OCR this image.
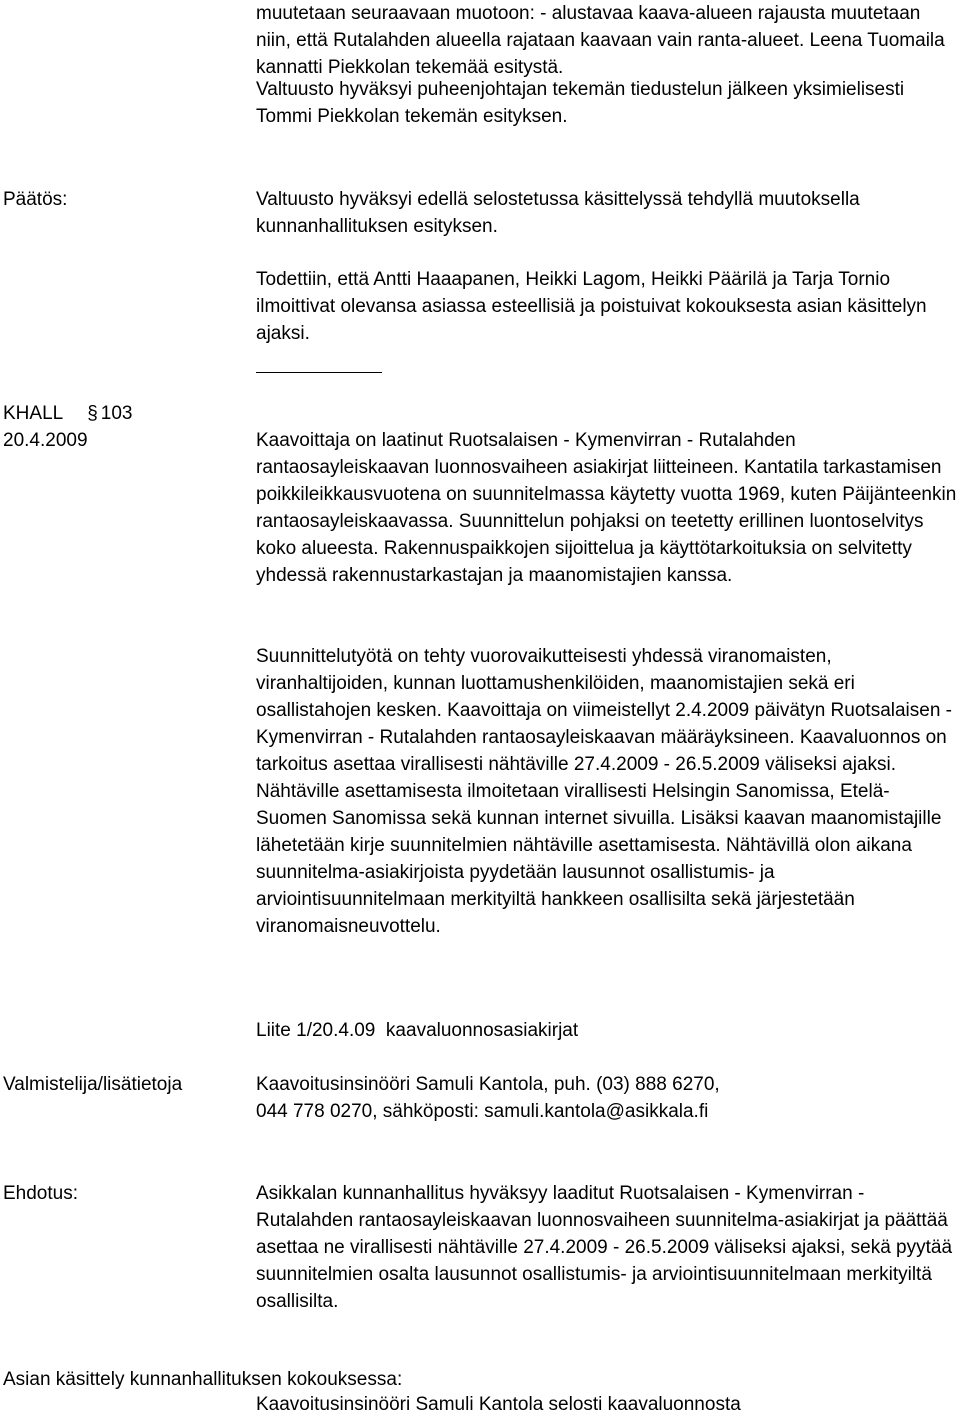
muutetaan seuraavaan muotoon: - alustavaa kaava-alueen rajausta muutetaan niin, että Rutalahden alueella rajataan kaavaan vain ranta-alueet. Leena Tuomaila kannatti Piekkolan tekemää esitystä.

Valtuusto hyväksyi puheenjohtajan tekemän tiedustelun jälkeen yksimielisesti Tommi Piekkolan tekemän esityksen.

Päätös:	Valtuusto hyväksyi edellä selostetussa käsittelyssä tehdyllä muutoksella kunnanhallituksen esityksen.

Todettiin, että Antti Haaapanen, Heikki Lagom, Heikki Päärilä ja Tarja Tornio ilmoittivat olevansa asiassa esteellisiä ja poistuivat kokouksesta asian käsittelyn ajaksi.

KHALL § 103
20.4.2009	Kaavoittaja on laatinut Ruotsalaisen - Kymenvirran - Rutalahden rantaosayleiskaavan luonnosvaiheen asiakirjat liitteineen. Kantatila tarkastamisen poikkileikkausvuotena on suunnitelmassa käytetty vuotta 1969, kuten Päijänteenkin rantaosayleiskaavassa. Suunnittelun pohjaksi on teetetty erillinen luontoselvitys koko alueesta. Rakennuspaikkojen sijoittelua ja käyttötarkoituksia on selvitetty yhdessä rakennustarkastajan ja maanomistajien kanssa.

Suunnittelutyötä on tehty vuorovaikutteisesti yhdessä viranomaisten, viranhaltijoiden, kunnan luottamushenkilöiden, maanomistajien sekä eri osallistahojen kesken. Kaavoittaja on viimeistellyt 2.4.2009 päivätyn Ruotsalaisen - Kymenvirran - Rutalahden rantaosayleiskaavan määräyksineen. Kaavaluonnos on tarkoitus asettaa virallisesti nähtäville 27.4.2009 - 26.5.2009 väliseksi ajaksi. Nähtäville asettamisesta ilmoitetaan virallisesti Helsingin Sanomissa, Etelä-Suomen Sanomissa sekä kunnan internet sivuilla. Lisäksi kaavan maanomistajille lähetetään kirje suunnitelmien nähtäville asettamisesta. Nähtävillä olon aikana suunnitelma-asiakirjoista pyydetään lausunnot osallistumis- ja arviointisuunnitelmaan merkityiltä hankkeen osallisilta sekä järjestetään viranomaisneuvottelu.

Liite 1/20.4.09  kaavaluonnosasiakirjat

Valmistelija/lisätietoja	Kaavoitusinsinööri Samuli Kantola, puh. (03) 888 6270,
044 778 0270, sähköposti: samuli.kantola@asikkala.fi
Ehdotus:	Asikkalan kunnanhallitus hyväksyy laaditut Ruotsalaisen - Kymenvirran - Rutalahden rantaosayleiskaavan luonnosvaiheen suunnitelma-asiakirjat ja päättää asettaa ne virallisesti nähtäville 27.4.2009 - 26.5.2009 väliseksi ajaksi, sekä pyytää suunnitelmien osalta lausunnot osallistumis- ja arviointisuunnitelmaan merkityiltä osallisilta.

Asian käsittely kunnanhallituksen kokouksessa:

Kaavoitusinsinööri Samuli Kantola selosti kaavaluonnosta
